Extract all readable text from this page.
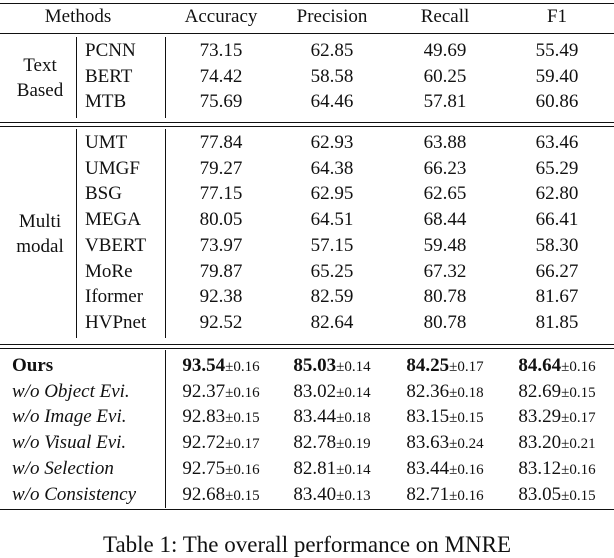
Methods	Accuracy Precision	Recall	F1
Text
Based
PCNN	73.15	62.85	49.69	55.49
BERT	74.42	58.58	60.25	59.40
MTB	75.69	64.46	57.81	60.86
Multi
modal
UMT	77.84	62.93	63.88	63.46
UMGF	79.27	64.38	66.23	65.29
BSG	77.15	62.95	62.65	62.80
MEGA	80.05	64.51	68.44	66.41
VBERT	73.97	57.15	59.48	58.30
MoRe	79.87	65.25	67.32	66.27
Iformer	92.38	82.59	80.78	81.67
HVPnet	92.52	82.64	80.78	81.85
Ours	93.54±0.16 85.03±0.14 84.25±0.17 84.64±0.16
w/o Object Evi.	92.37±0.16 83.02±0.14 82.36±0.18 82.69±0.15
w/o Image Evi.	92.83±0.15 83.44±0.18 83.15±0.15 83.29±0.17
w/o Visual Evi.	92.72±0.17 82.78±0.19 83.63±0.24 83.20±0.21
w/o Selection	92.75±0.16 82.81±0.14 83.44±0.16 83.12±0.16
w/o Consistency 92.68±0.15 83.40±0.13 82.71±0.16 83.05±0.15
Table 1: The overall performance on MNRE
